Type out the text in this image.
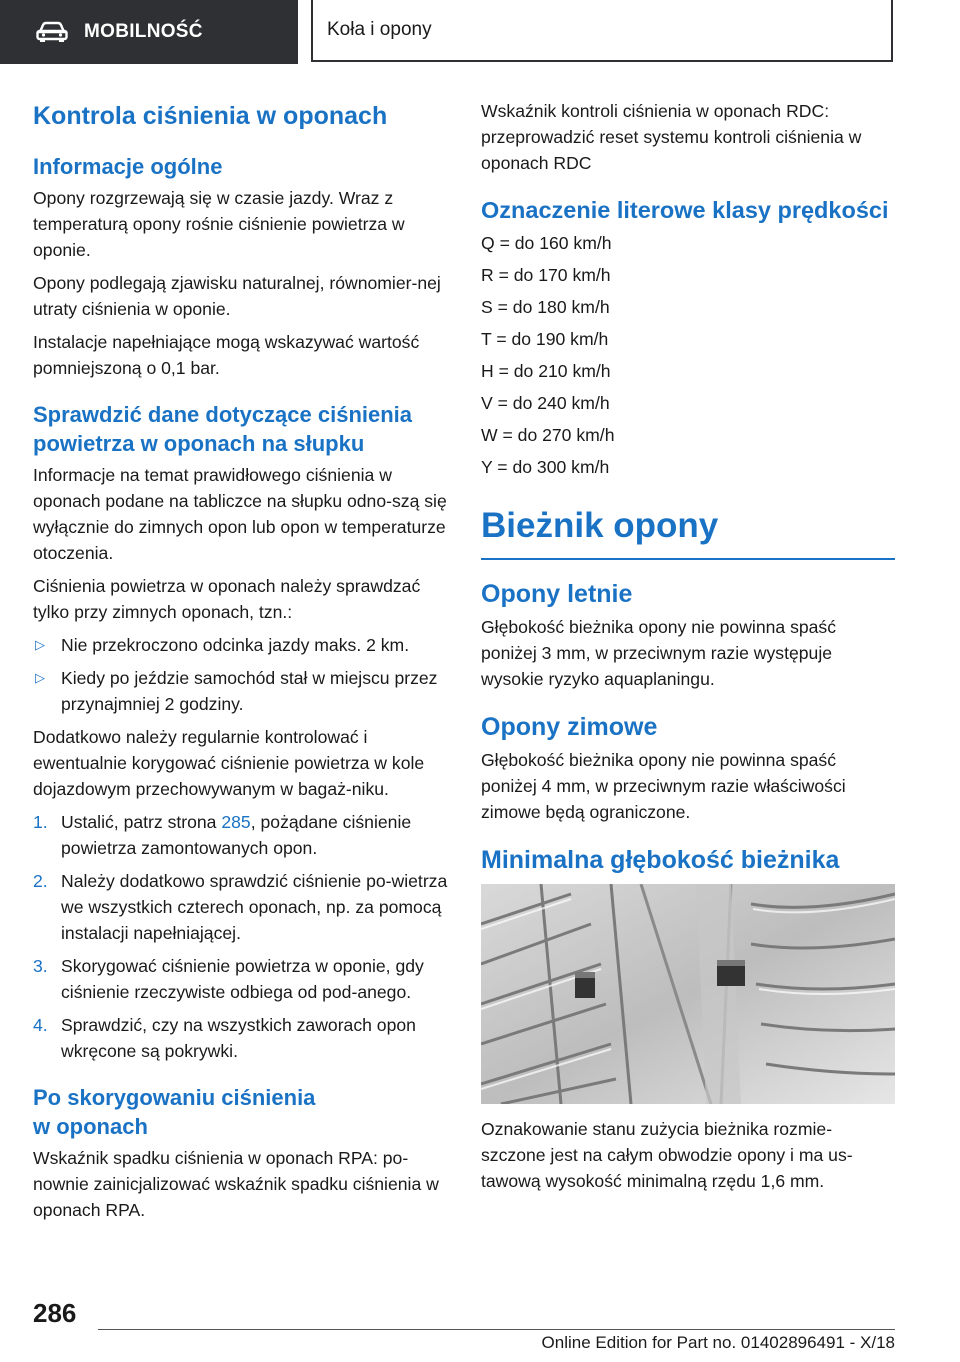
MOBILNOŚĆ	Koła i opony
Kontrola ciśnienia w oponach
Informacje ogólne

Opony rozgrzewają się w czasie jazdy. Wraz z temperaturą opony rośnie ciśnienie powietrza w oponie.

Opony podlegają zjawisku naturalnej, równomier‐nej utraty ciśnienia w oponie.

Instalacje napełniające mogą wskazywać wartość pomniejszoną o 0,1 bar.

Sprawdzić dane dotyczące ciśnienia powietrza w oponach na słupku

Informacje na temat prawidłowego ciśnienia w oponach podane na tabliczce na słupku odno‐szą się wyłącznie do zimnych opon lub opon w temperaturze otoczenia.

Ciśnienia powietrza w oponach należy sprawdzać tylko przy zimnych oponach, tzn.:

▷ Nie przekroczono odcinka jazdy maks. 2 km.
▷ Kiedy po jeździe samochód stał w miejscu przez przynajmniej 2 godziny.

Dodatkowo należy regularnie kontrolować i ewentualnie korygować ciśnienie powietrza w kole dojazdowym przechowywanym w bagaż‐niku.

1. Ustalić, patrz strona 285, pożądane ciśnienie powietrza zamontowanych opon.
2. Należy dodatkowo sprawdzić ciśnienie po‐wietrza we wszystkich czterech oponach, np. za pomocą instalacji napełniającej.
3. Skorygować ciśnienie powietrza w oponie, gdy ciśnienie rzeczywiste odbiega od pod‐anego.
4. Sprawdzić, czy na wszystkich zaworach opon wkręcone są pokrywki.
Po skorygowaniu ciśnienia
w oponach

Wskaźnik spadku ciśnienia w oponach RPA: po‐nownie zainicjalizować wskaźnik spadku ciśnienia w oponach RPA.

Wskaźnik kontroli ciśnienia w oponach RDC: przeprowadzić reset systemu kontroli ciśnienia w oponach RDC

Oznaczenie literowe klasy prędkości

Q = do 160 km/h

R = do 170 km/h

S = do 180 km/h

T = do 190 km/h

H = do 210 km/h

V = do 240 km/h

W = do 270 km/h

Y = do 300 km/h

Bieżnik opony
Opony letnie

Głębokość bieżnika opony nie powinna spaść poniżej 3 mm, w przeciwnym razie występuje wysokie ryzyko aquaplaningu.

Opony zimowe

Głębokość bieżnika opony nie powinna spaść poniżej 4 mm, w przeciwnym razie właściwości zimowe będą ograniczone.

Minimalna głębokość bieżnika

Oznakowanie stanu zużycia bieżnika rozmie‐szczone jest na całym obwodzie opony i ma us‐tawową wysokość minimalną rzędu 1,6 mm.

286
Online Edition for Part no. 01402896491 - X/18
